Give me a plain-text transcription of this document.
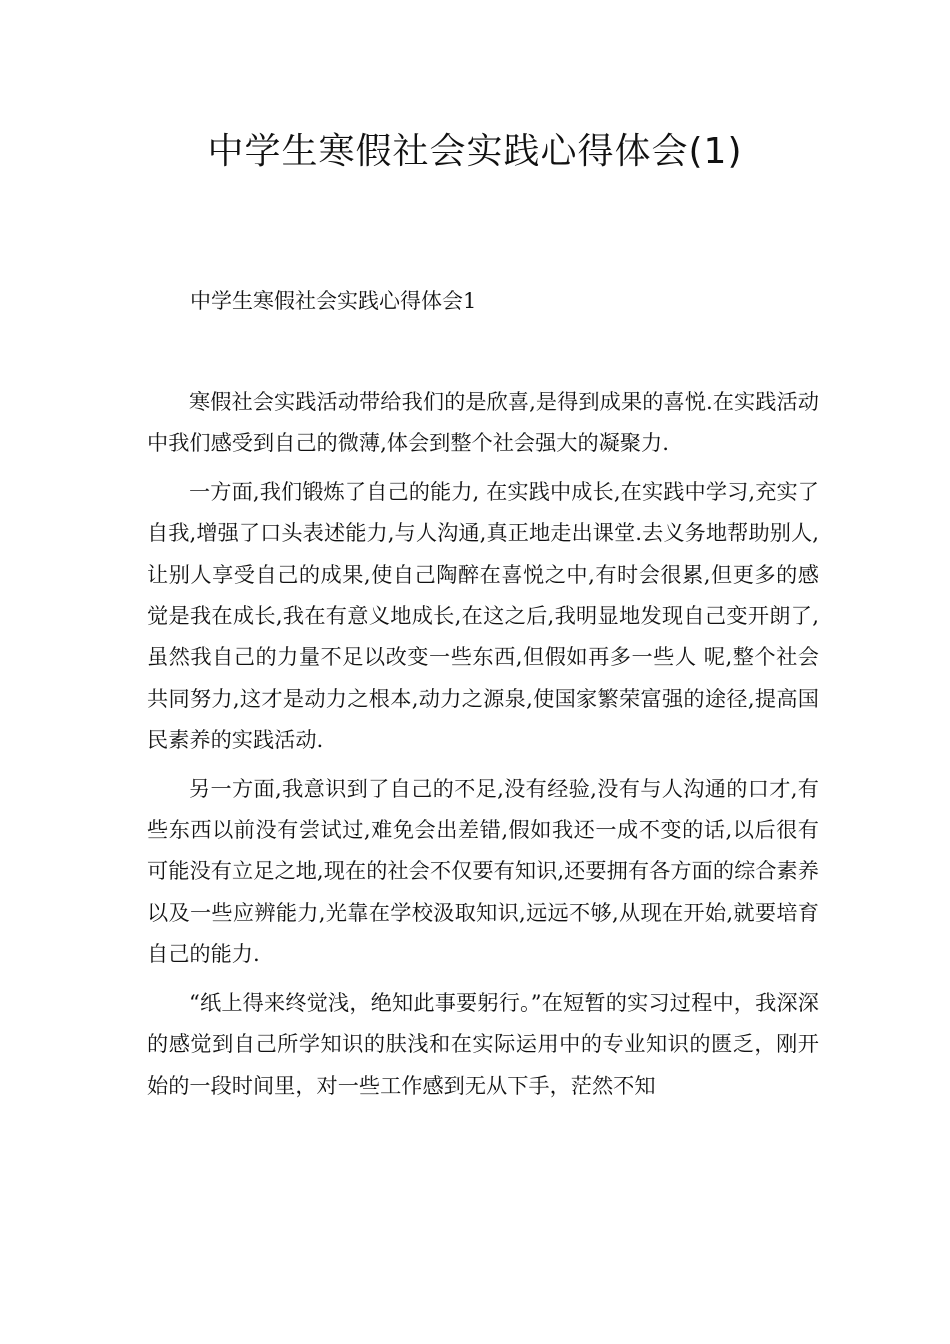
中学生寒假社会实践心得体会(1)

中学生寒假社会实践心得体会1

寒假社会实践活动带给我们的是欣喜,是得到成果的喜悦.在实践活动中我们感受到自己的微薄,体会到整个社会强大的凝聚力.

一方面,我们锻炼了自己的能力, 在实践中成长,在实践中学习,充实了自我,增强了口头表述能力,与人沟通,真正地走出课堂.去义务地帮助别人,让别人享受自己的成果,使自己陶醉在喜悦之中,有时会很累,但更多的感觉是我在成长,我在有意义地成长,在这之后,我明显地发现自己变开朗了,虽然我自己的力量不足以改变一些东西,但假如再多一些人 呢,整个社会共同努力,这才是动力之根本,动力之源泉,使国家繁荣富强的途径,提高国民素养的实践活动.

另一方面,我意识到了自己的不足,没有经验,没有与人沟通的口才,有些东西以前没有尝试过,难免会出差错,假如我还一成不变的话,以后很有可能没有立足之地,现在的社会不仅要有知识,还要拥有各方面的综合素养以及一些应辨能力,光靠在学校汲取知识,远远不够,从现在开始,就要培育自己的能力.

“纸上得来终觉浅，绝知此事要躬行。”在短暂的实习过程中，我深深的感觉到自己所学知识的肤浅和在实际运用中的专业知识的匮乏，刚开始的一段时间里，对一些工作感到无从下手，茫然不知
